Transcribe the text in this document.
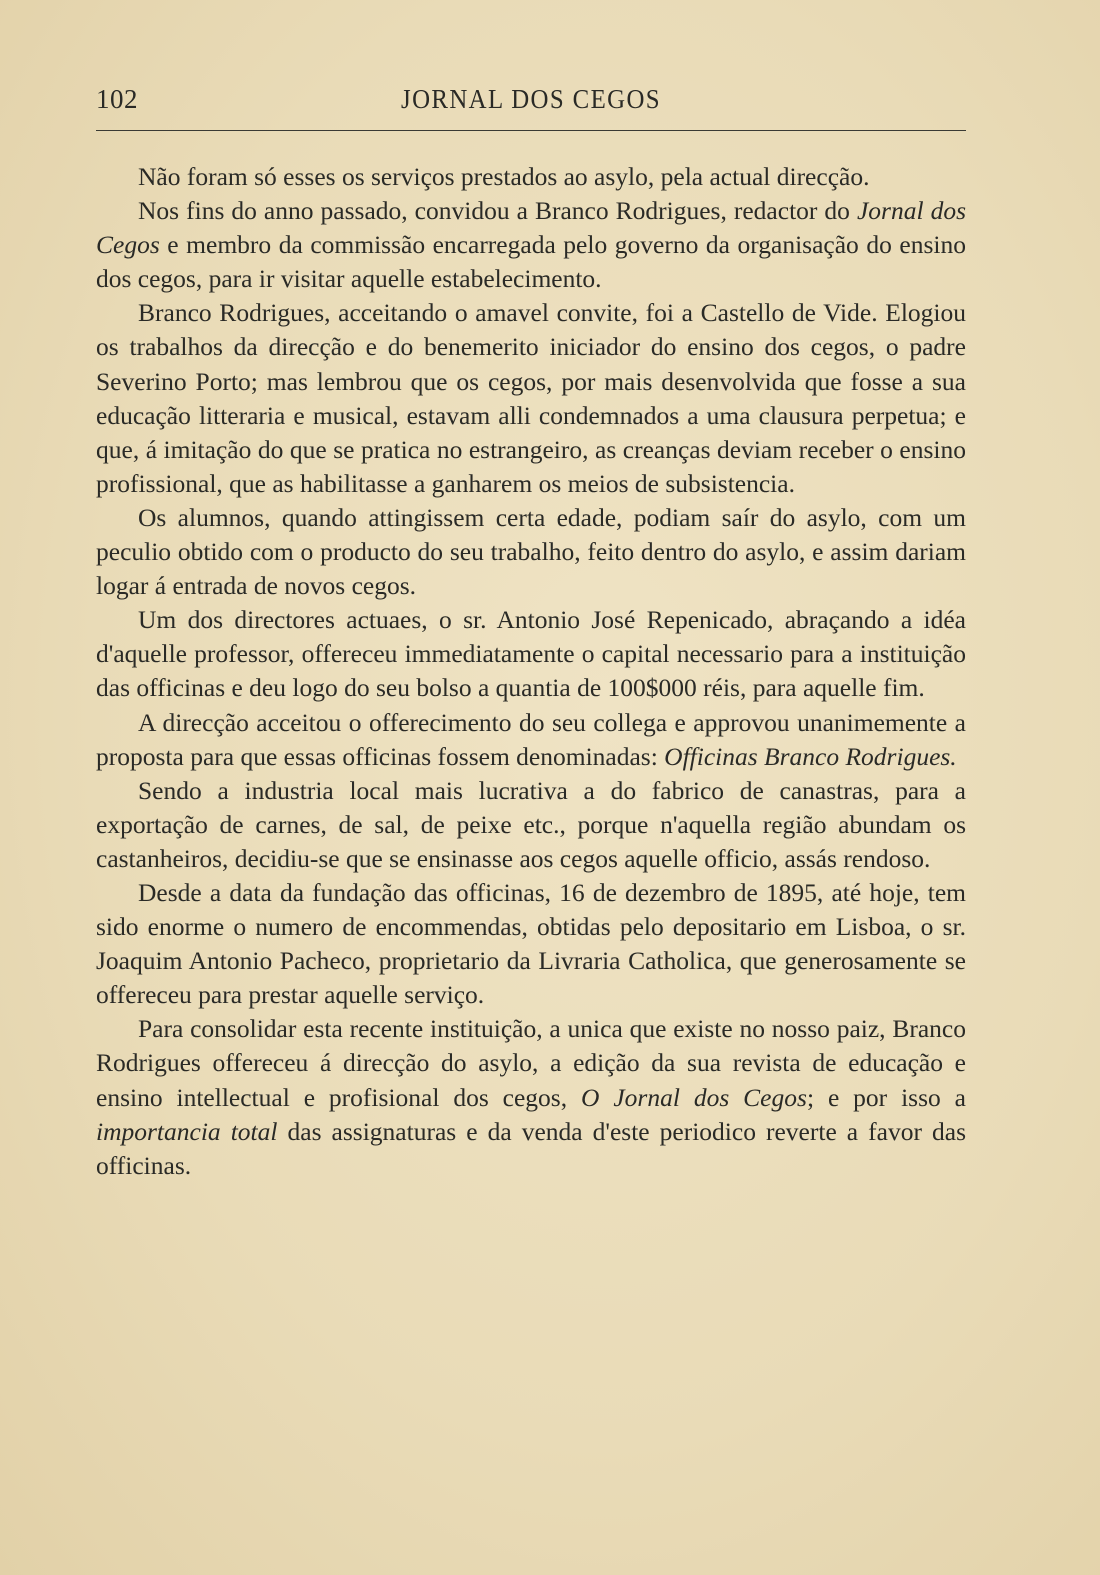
102	JORNAL DOS CEGOS

Não foram só esses os serviços prestados ao asylo, pela actual direcção.

Nos fins do anno passado, convidou a Branco Rodrigues, redactor do Jornal dos Cegos e membro da commissão encarregada pelo governo da organisação do ensino dos cegos, para ir visitar aquelle estabelecimento.

Branco Rodrigues, acceitando o amavel convite, foi a Castello de Vide. Elogiou os trabalhos da direcção e do benemerito iniciador do ensino dos cegos, o padre Severino Porto; mas lembrou que os cegos, por mais desenvolvida que fosse a sua educação litteraria e musical, estavam alli condemnados a uma clausura perpetua; e que, á imitação do que se pratica no estrangeiro, as creanças deviam receber o ensino profissional, que as habilitasse a ganharem os meios de subsistencia.

Os alumnos, quando attingissem certa edade, podiam saír do asylo, com um peculio obtido com o producto do seu trabalho, feito dentro do asylo, e assim dariam logar á entrada de novos cegos.

Um dos directores actuaes, o sr. Antonio José Repenicado, abraçando a idéa d'aquelle professor, offereceu immediatamente o capital necessario para a instituição das officinas e deu logo do seu bolso a quantia de 100$000 réis, para aquelle fim.

A direcção acceitou o offerecimento do seu collega e approvou unanimemente a proposta para que essas officinas fossem denominadas: Officinas Branco Rodrigues.

Sendo a industria local mais lucrativa a do fabrico de canastras, para a exportação de carnes, de sal, de peixe etc., porque n'aquella região abundam os castanheiros, decidiu-se que se ensinasse aos cegos aquelle officio, assás rendoso.

Desde a data da fundação das officinas, 16 de dezembro de 1895, até hoje, tem sido enorme o numero de encommendas, obtidas pelo depositario em Lisboa, o sr. Joaquim Antonio Pacheco, proprietario da Livraria Catholica, que generosamente se offereceu para prestar aquelle serviço.

Para consolidar esta recente instituição, a unica que existe no nosso paiz, Branco Rodrigues offereceu á direcção do asylo, a edição da sua revista de educação e ensino intellectual e profisional dos cegos, O Jornal dos Cegos; e por isso a importancia total das assignaturas e da venda d'este periodico reverte a favor das officinas.
